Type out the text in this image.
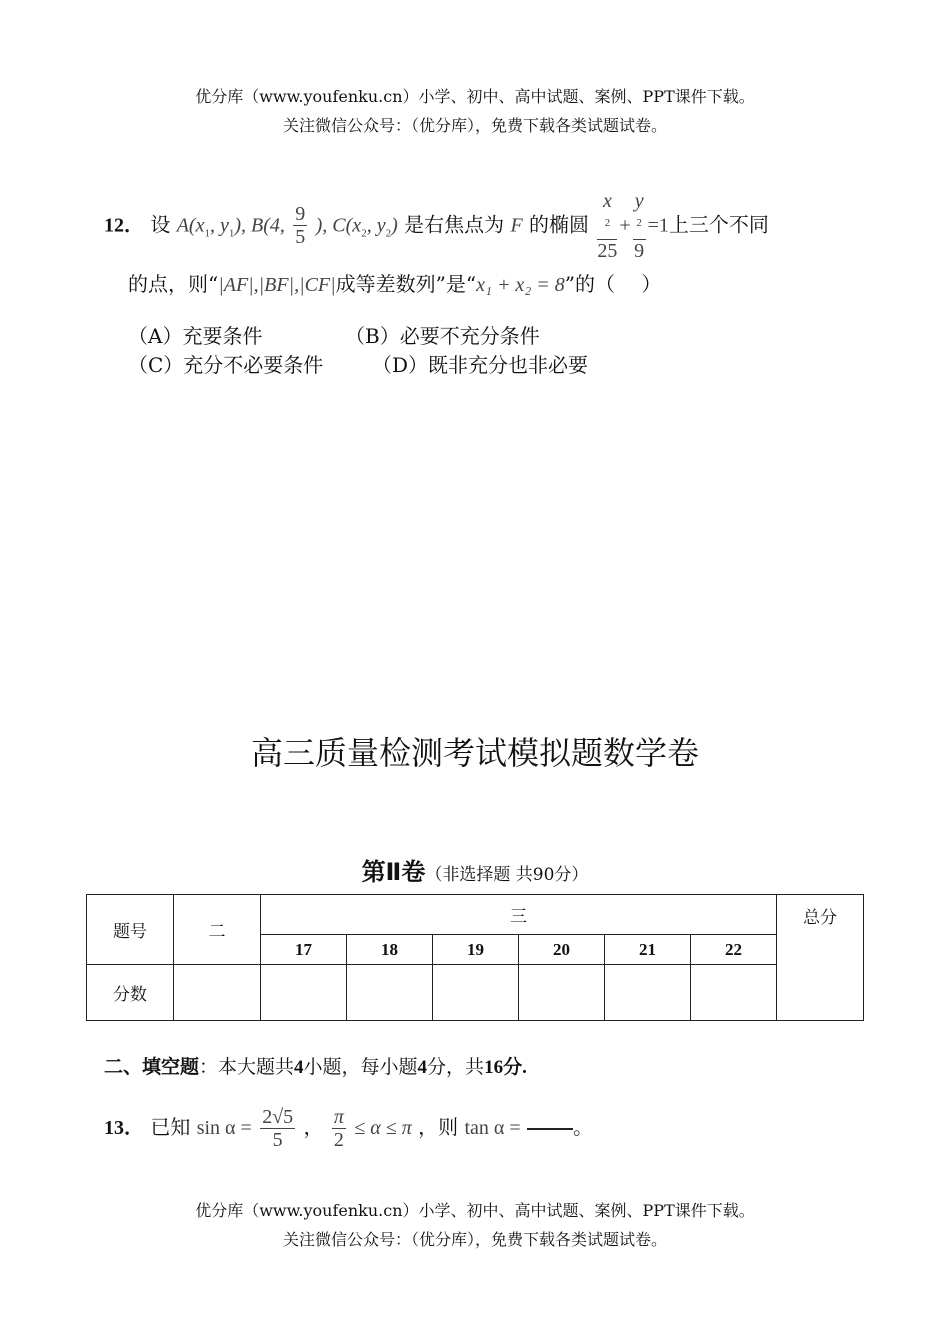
优分库（www.youfenku.cn）小学、初中、高中试题、案例、PPT课件下载。
关注微信公众号：（优分库），免费下载各类试题试卷。
12． 设 $A(x_1$, $y_1$), B(4, $\frac{9}{5}$ ), $C(x_2$, $y_2$) 是右焦点为 F 的椭圆 x
$^2$
25 + y
$^2$
9 =1上三个不同
的点，则“|AF|,|BF|,|CF|成等差数列”是“x₁ + x₂ = 8”的（　 ）
（A）充要条件	（B）必要不充分条件
（C）充分不必要条件 （D）既非充分也非必要
高三质量检测考试模拟题数学卷
第Ⅱ卷（非选择题 共90分）
题号	二	三						总分
		17	18	19	20	21	22	
分数								
二、填空题：本大题共4小题，每小题4分，共16分.
13． 已知 $\sin \alpha = \frac{2√5}{5}$ ， $\frac{\pi}{2} \le \alpha \le \pi$ ，则 tan α =	。
优分库（www.youfenku.cn）小学、初中、高中试题、案例、PPT课件下载。
关注微信公众号：（优分库），免费下载各类试题试卷。
